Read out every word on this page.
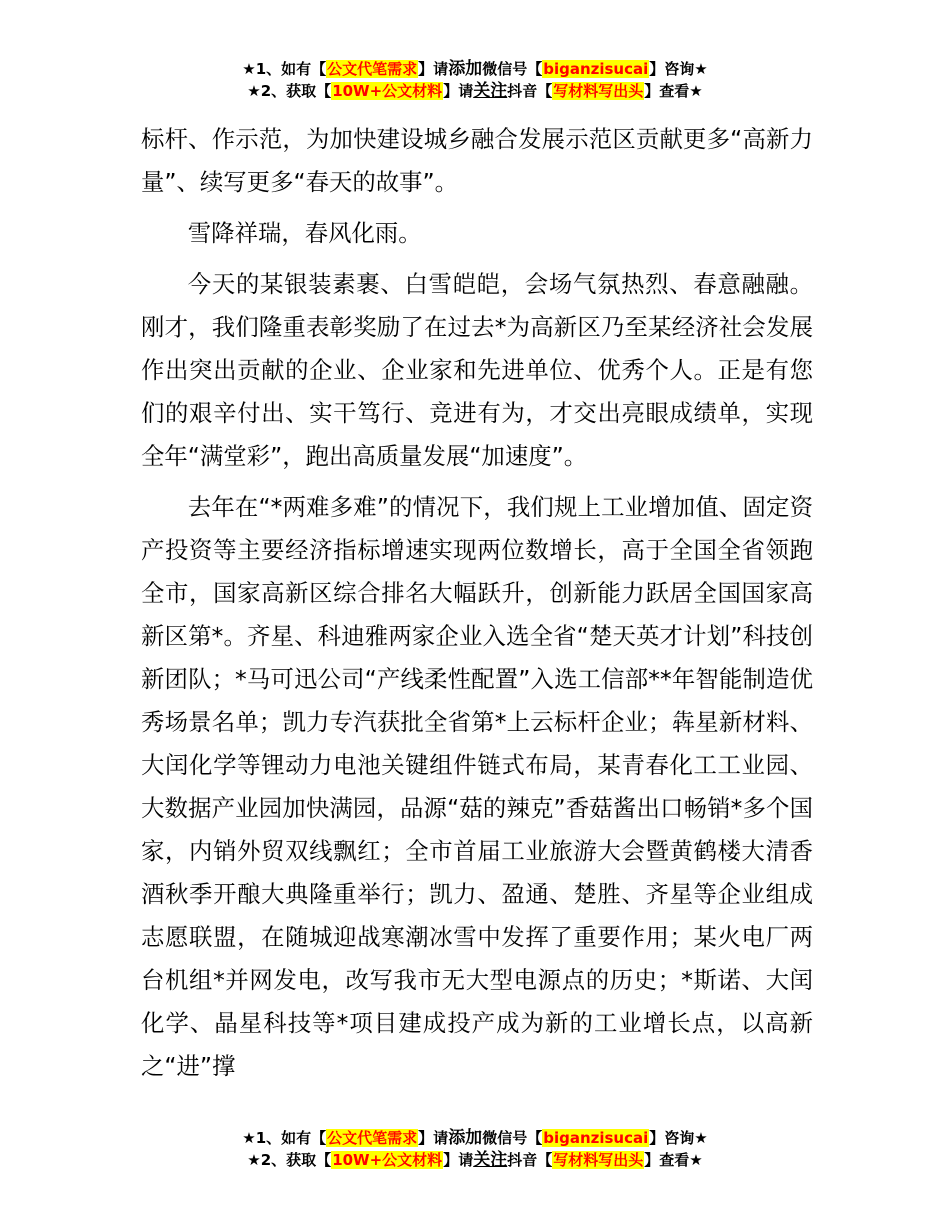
★1、如有【公文代笔需求】请添加微信号【biganzisucai】咨询★
★2、获取【10W+公文材料】请关注抖音【写材料写出头】查看★

标杆、作示范，为加快建设城乡融合发展示范区贡献更多“高新力量”、续写更多“春天的故事”。

雪降祥瑞，春风化雨。

今天的某银装素裹、白雪皑皑，会场气氛热烈、春意融融。刚才，我们隆重表彰奖励了在过去*为高新区乃至某经济社会发展作出突出贡献的企业、企业家和先进单位、优秀个人。正是有您们的艰辛付出、实干笃行、竞进有为，才交出亮眼成绩单，实现全年“满堂彩”，跑出高质量发展“加速度”。

去年在“*两难多难”的情况下，我们规上工业增加值、固定资产投资等主要经济指标增速实现两位数增长，高于全国全省领跑全市，国家高新区综合排名大幅跃升，创新能力跃居全国国家高新区第*。齐星、科迪雅两家企业入选全省“楚天英才计划”科技创新团队；*马可迅公司“产线柔性配置”入选工信部**年智能制造优秀场景名单；凯力专汽获批全省第*上云标杆企业；犇星新材料、大闰化学等锂动力电池关键组件链式布局，某青春化工工业园、大数据产业园加快满园，品源“菇的辣克”香菇酱出口畅销*多个国家，内销外贸双线飘红；全市首届工业旅游大会暨黄鹤楼大清香酒秋季开酿大典隆重举行；凯力、盈通、楚胜、齐星等企业组成志愿联盟，在随城迎战寒潮冰雪中发挥了重要作用；某火电厂两台机组*并网发电，改写我市无大型电源点的历史；*斯诺、大闰化学、晶星科技等*项目建成投产成为新的工业增长点，以高新之“进”撑

★1、如有【公文代笔需求】请添加微信号【biganzisucai】咨询★
★2、获取【10W+公文材料】请关注抖音【写材料写出头】查看★
